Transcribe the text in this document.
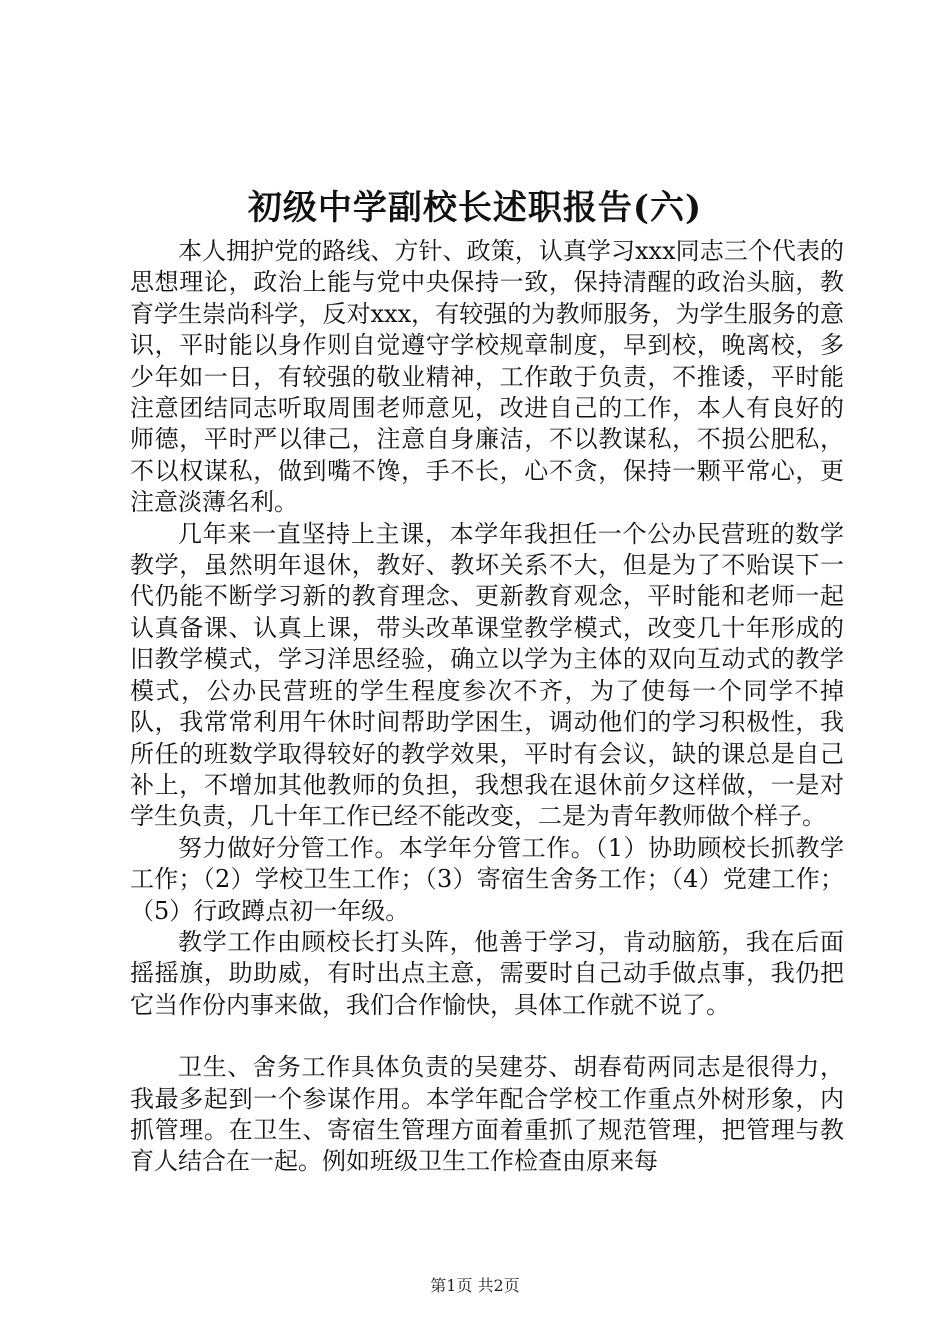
初级中学副校长述职报告(六)

本人拥护党的路线、方针、政策，认真学习xxx同志三个代表的思想理论，政治上能与党中央保持一致，保持清醒的政治头脑，教育学生崇尚科学，反对xxx，有较强的为教师服务，为学生服务的意识，平时能以身作则自觉遵守学校规章制度，早到校，晚离校，多少年如一日，有较强的敬业精神，工作敢于负责，不推诿，平时能注意团结同志听取周围老师意见，改进自己的工作，本人有良好的师德，平时严以律己，注意自身廉洁，不以教谋私，不损公肥私，不以权谋私，做到嘴不馋，手不长，心不贪，保持一颗平常心，更注意淡薄名利。

几年来一直坚持上主课，本学年我担任一个公办民营班的数学教学，虽然明年退休，教好、教坏关系不大，但是为了不贻误下一代仍能不断学习新的教育理念、更新教育观念，平时能和老师一起认真备课、认真上课，带头改革课堂教学模式，改变几十年形成的旧教学模式，学习洋思经验，确立以学为主体的双向互动式的教学模式，公办民营班的学生程度参次不齐，为了使每一个同学不掉队，我常常利用午休时间帮助学困生，调动他们的学习积极性，我所任的班数学取得较好的教学效果，平时有会议，缺的课总是自己补上，不增加其他教师的负担，我想我在退休前夕这样做，一是对学生负责，几十年工作已经不能改变，二是为青年教师做个样子。

努力做好分管工作。本学年分管工作。（1）协助顾校长抓教学工作；（2）学校卫生工作；（3）寄宿生舍务工作；（4）党建工作；（5）行政蹲点初一年级。

教学工作由顾校长打头阵，他善于学习，肯动脑筋，我在后面摇摇旗，助助威，有时出点主意，需要时自己动手做点事，我仍把它当作份内事来做，我们合作愉快，具体工作就不说了。

卫生、舍务工作具体负责的吴建芬、胡春荀两同志是很得力，我最多起到一个参谋作用。本学年配合学校工作重点外树形象，内抓管理。在卫生、寄宿生管理方面着重抓了规范管理，把管理与教育人结合在一起。例如班级卫生工作检查由原来每

第1页 共2页
